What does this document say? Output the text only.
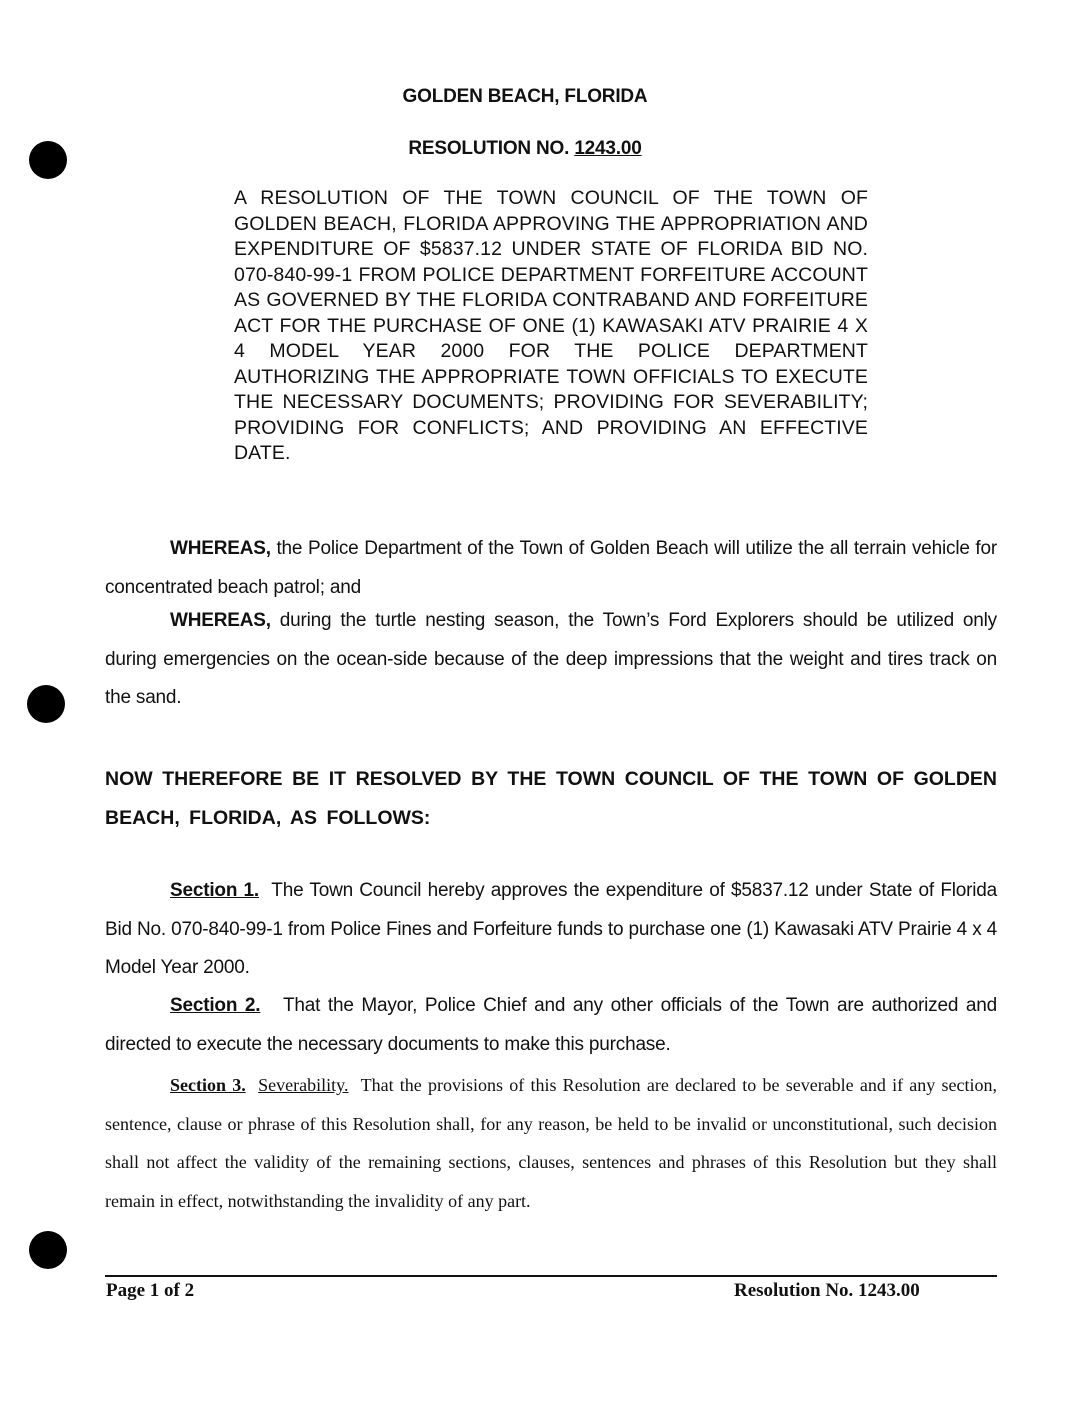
GOLDEN BEACH, FLORIDA
RESOLUTION NO. 1243.00
A RESOLUTION OF THE TOWN COUNCIL OF THE TOWN OF GOLDEN BEACH, FLORIDA APPROVING THE APPROPRIATION AND EXPENDITURE OF $5837.12 UNDER STATE OF FLORIDA BID NO. 070-840-99-1 FROM POLICE DEPARTMENT FORFEITURE ACCOUNT AS GOVERNED BY THE FLORIDA CONTRABAND AND FORFEITURE ACT FOR THE PURCHASE OF ONE (1) KAWASAKI ATV PRAIRIE 4 X 4 MODEL YEAR 2000 FOR THE POLICE DEPARTMENT AUTHORIZING THE APPROPRIATE TOWN OFFICIALS TO EXECUTE THE NECESSARY DOCUMENTS; PROVIDING FOR SEVERABILITY; PROVIDING FOR CONFLICTS; AND PROVIDING AN EFFECTIVE DATE.
WHEREAS, the Police Department of the Town of Golden Beach will utilize the all terrain vehicle for concentrated beach patrol; and
WHEREAS, during the turtle nesting season, the Town’s Ford Explorers should be utilized only during emergencies on the ocean-side because of the deep impressions that the weight and tires track on the sand.
NOW THEREFORE BE IT RESOLVED BY THE TOWN COUNCIL OF THE TOWN OF GOLDEN BEACH, FLORIDA, AS FOLLOWS:
Section 1.  The Town Council hereby approves the expenditure of $5837.12 under State of Florida Bid No. 070-840-99-1 from Police Fines and Forfeiture funds to purchase one (1) Kawasaki ATV Prairie 4 x 4 Model Year 2000.
Section 2.   That the Mayor, Police Chief and any other officials of the Town are authorized and directed to execute the necessary documents to make this purchase.
Section 3. Severability.  That the provisions of this Resolution are declared to be severable and if any section, sentence, clause or phrase of this Resolution shall, for any reason, be held to be invalid or unconstitutional, such decision shall not affect the validity of the remaining sections, clauses, sentences and phrases of this Resolution but they shall remain in effect, notwithstanding the invalidity of any part.
Page 1 of 2	Resolution No. 1243.00
